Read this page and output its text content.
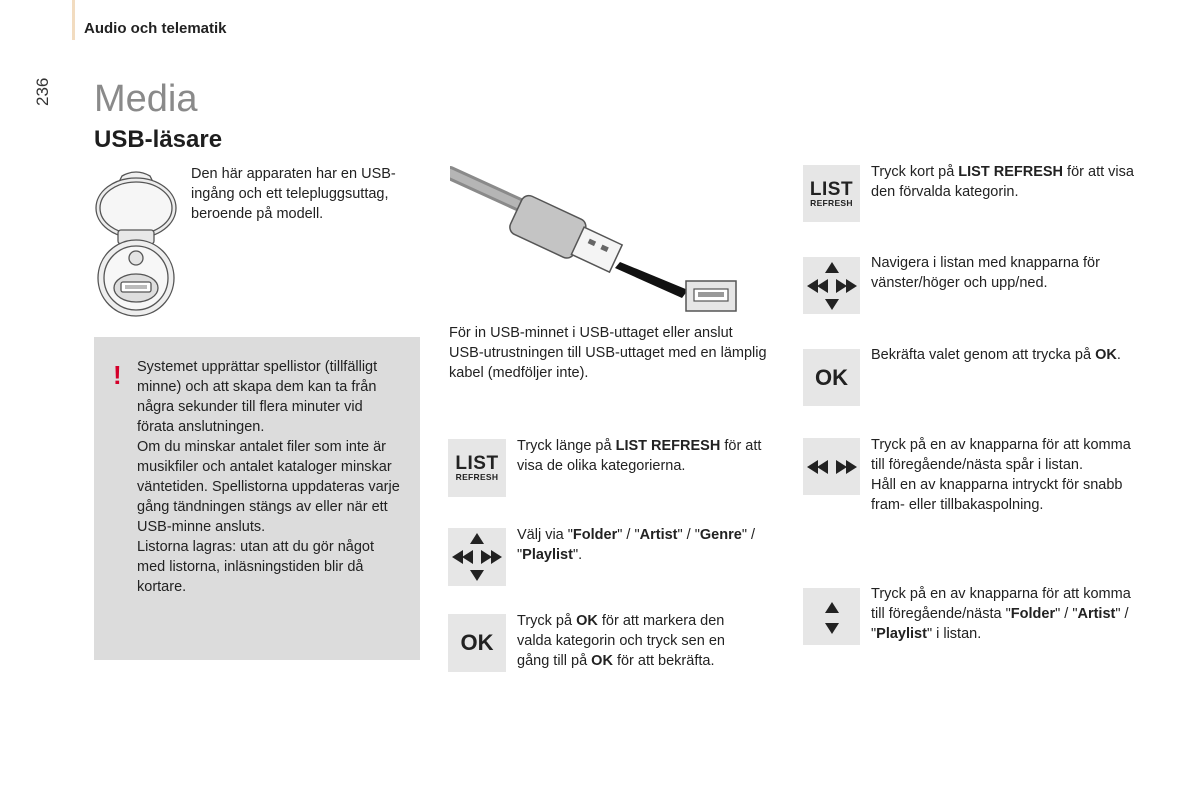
Audio och telematik
236 Media
USB-läsare
Den här apparaten har en USB-ingång och ett telepluggsuttag, beroende på modell.
! Systemet upprättar spellistor (tillfälligt minne) och att skapa dem kan ta från några sekunder till flera minuter vid förata anslutningen.
Om du minskar antalet filer som inte är musikfiler och antalet kataloger minskar väntetiden. Spellistorna uppdateras varje gång tändningen stängs av eller när ett USB-minne ansluts.
Listorna lagras: utan att du gör något med listorna, inläsningstiden blir då kortare.
För in USB-minnet i USB-uttaget eller anslut USB-utrustningen till USB-uttaget med en lämplig kabel (medföljer inte).
LIST
REFRESH
Tryck länge på LIST REFRESH för att visa de olika kategorierna.
Välj via "Folder" / "Artist" / "Genre" / "Playlist".
OK
Tryck på OK för att markera den valda kategorin och tryck sen en gång till på OK för att bekräfta.
LIST
REFRESH
Tryck kort på LIST REFRESH för att visa den förvalda kategorin.
Navigera i listan med knapparna för vänster/höger och upp/ned.
OK
Bekräfta valet genom att trycka på OK.
Tryck på en av knapparna för att komma till föregående/nästa spår i listan.
Håll en av knapparna intryckt för snabb fram- eller tillbakaspolning.
Tryck på en av knapparna för att komma till föregående/nästa "Folder" / "Artist" / "Playlist" i listan.
